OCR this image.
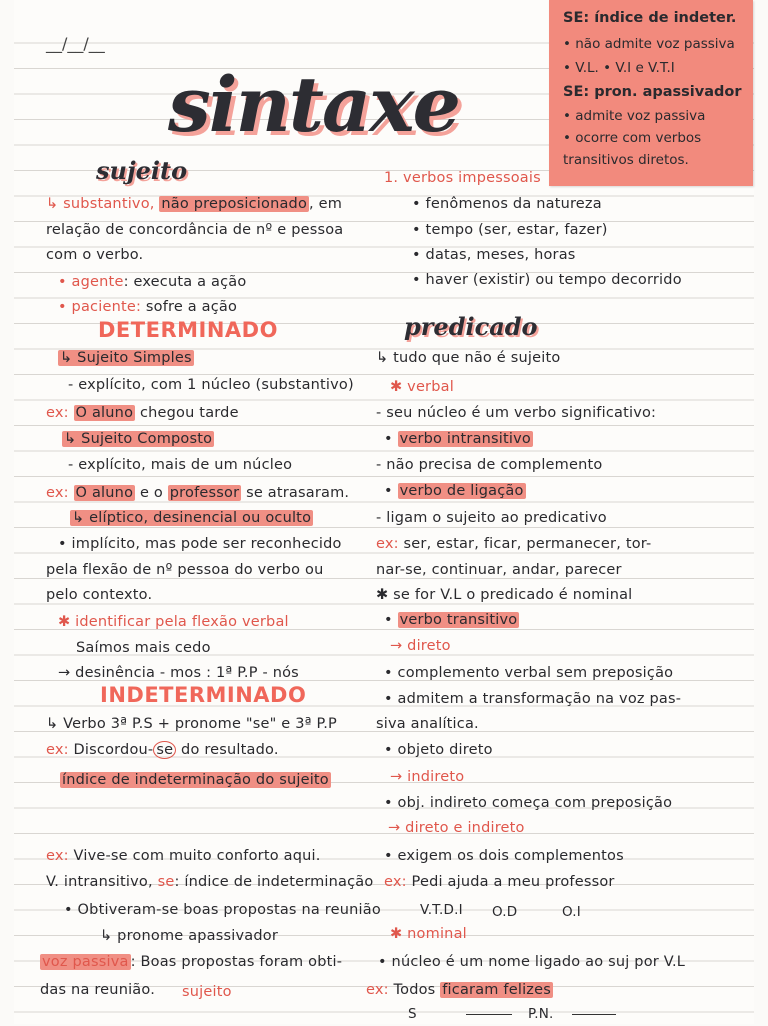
__/__/__
sintaxe
SE: índice de indeter.
• não admite voz passiva
• V.L. • V.I e V.T.I
SE: pron. apassivador
• admite voz passiva
• ocorre com verbos
transitivos diretos.
sujeito
↳ substantivo, não preposicionado , em
relação de concordância de nº e pessoa
com o verbo.
• agente: executa a ação
• paciente: sofre a ação
DETERMINADO
↳ Sujeito Simples
- explícito, com 1 núcleo (substantivo)
ex: O aluno chegou tarde
↳ Sujeito Composto
- explícito, mais de um núcleo
ex: O aluno e o professor se atrasaram.
↳ elíptico, desinencial ou oculto
• implícito, mas pode ser reconhecido
pela flexão de nº pessoa do verbo ou
pelo contexto.
✱ identificar pela flexão verbal
Saímos mais cedo
→ desinência - mos : 1ª P.P - nós
INDETERMINADO
↳ Verbo 3ª P.S + pronome "se" e 3ª P.P
ex: Discordou- se do resultado.
índice de indeterminação do sujeito
ex: Vive-se com muito conforto aqui.
V. intransitivo, se: índice de indeterminação
• Obtiveram-se boas propostas na reunião
↳ pronome apassivador
voz passiva : Boas propostas foram obti-
das na reunião. sujeito
1. verbos impessoais
• fenômenos da natureza
• tempo (ser, estar, fazer)
• datas, meses, horas
• haver (existir) ou tempo decorrido
predicado
↳ tudo que não é sujeito
✱ verbal
- seu núcleo é um verbo significativo:
• verbo intransitivo
- não precisa de complemento
• verbo de ligação
- ligam o sujeito ao predicativo
ex: ser, estar, ficar, permanecer, tor-
nar-se, continuar, andar, parecer
✱ se for V.L o predicado é nominal
• verbo transitivo
→ direto
• complemento verbal sem preposição
• admitem a transformação na voz pas-
siva analítica.
• objeto direto
→ indireto
• obj. indireto começa com preposição
→ direto e indireto
• exigem os dois complementos
ex: Pedi ajuda a meu professor
V.T.D.I O.D	O.I
✱ nominal
• núcleo é um nome ligado ao suj por V.L
ex: Todos ficaram felizes
S	P.N.
